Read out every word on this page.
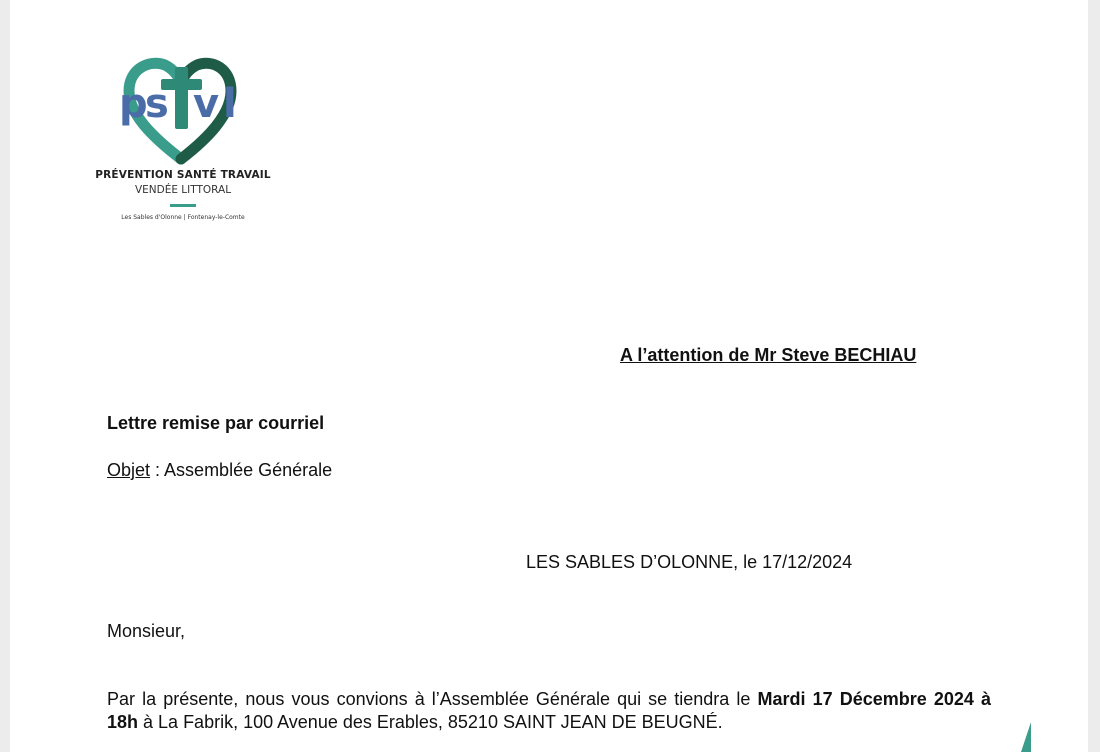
p
s v l
PRÉVENTION SANTÉ TRAVAIL
VENDÉE LITTORAL
Les Sables d'Olonne | Fontenay-le-Comte
A l’attention de Mr Steve BECHIAU
Lettre remise par courriel
Objet : Assemblée Générale
LES SABLES D’OLONNE, le 17/12/2024
Monsieur,
Par la présente, nous vous convions à l’Assemblée Générale qui se tiendra le Mardi 17 Décembre 2024 à 18h à La Fabrik, 100 Avenue des Erables, 85210 SAINT JEAN DE BEUGNÉ.
